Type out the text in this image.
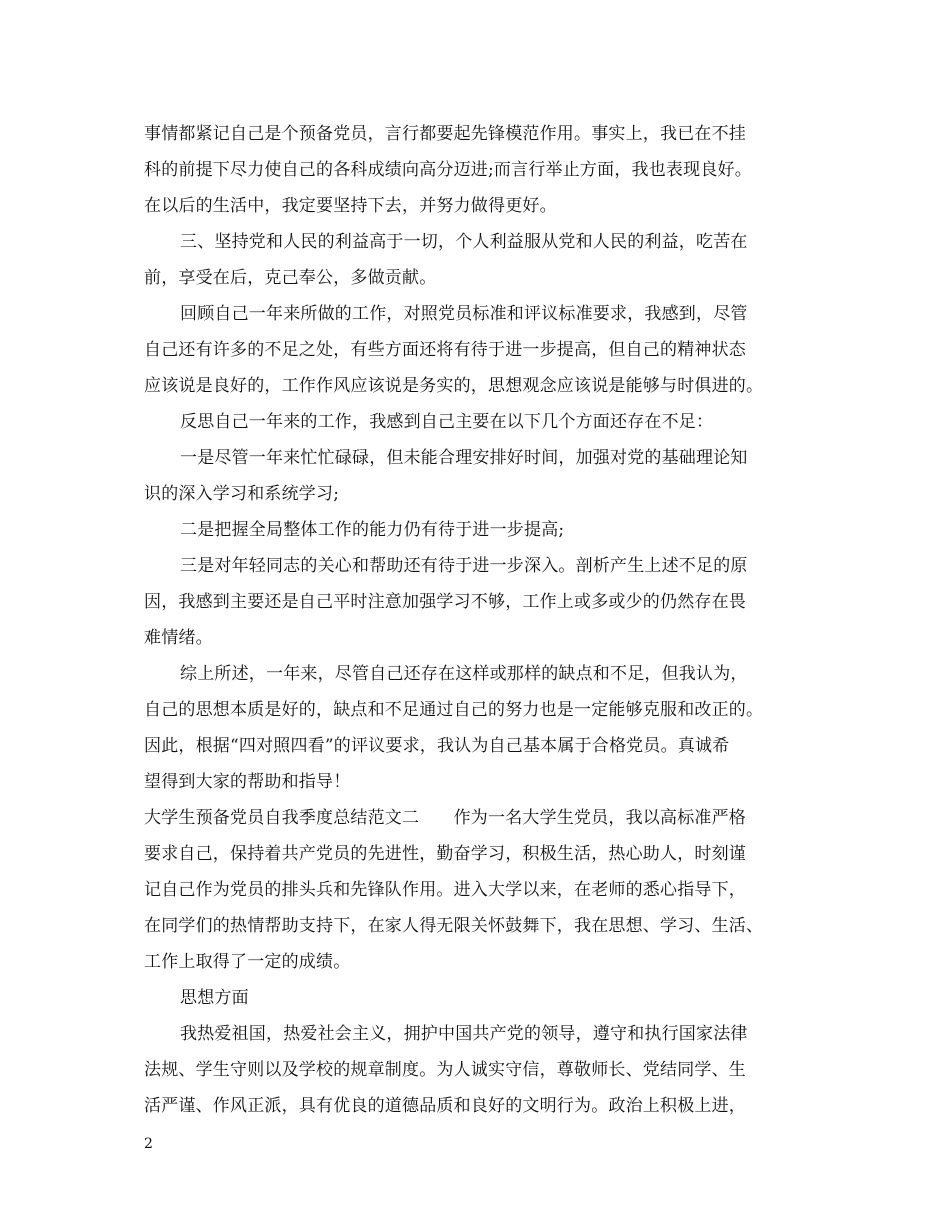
事情都紧记自己是个预备党员，言行都要起先锋模范作用。事实上，我已在不挂
科的前提下尽力使自己的各科成绩向高分迈进;而言行举止方面，我也表现良好。
在以后的生活中，我定要坚持下去，并努力做得更好。
三、坚持党和人民的利益高于一切，个人利益服从党和人民的利益，吃苦在
前，享受在后，克己奉公，多做贡献。
回顾自己一年来所做的工作，对照党员标准和评议标准要求，我感到，尽管
自己还有许多的不足之处，有些方面还将有待于进一步提高，但自己的精神状态
应该说是良好的，工作作风应该说是务实的，思想观念应该说是能够与时俱进的。
反思自己一年来的工作，我感到自己主要在以下几个方面还存在不足：
一是尽管一年来忙忙碌碌，但未能合理安排好时间，加强对党的基础理论知
识的深入学习和系统学习;
二是把握全局整体工作的能力仍有待于进一步提高;
三是对年轻同志的关心和帮助还有待于进一步深入。剖析产生上述不足的原
因，我感到主要还是自己平时注意加强学习不够，工作上或多或少的仍然存在畏
难情绪。
综上所述，一年来，尽管自己还存在这样或那样的缺点和不足，但我认为，
自己的思想本质是好的，缺点和不足通过自己的努力也是一定能够克服和改正的。
因此，根据“四对照四看”的评议要求，我认为自己基本属于合格党员。真诚希
望得到大家的帮助和指导！
大学生预备党员自我季度总结范文二　　作为一名大学生党员，我以高标准严格
要求自己，保持着共产党员的先进性，勤奋学习，积极生活，热心助人，时刻谨
记自己作为党员的排头兵和先锋队作用。进入大学以来，在老师的悉心指导下，
在同学们的热情帮助支持下，在家人得无限关怀鼓舞下，我在思想、学习、生活、
工作上取得了一定的成绩。
思想方面
我热爱祖国，热爱社会主义，拥护中国共产党的领导，遵守和执行国家法律
法规、学生守则以及学校的规章制度。为人诚实守信，尊敬师长、党结同学、生
活严谨、作风正派，具有优良的道德品质和良好的文明行为。政治上积极上进，
2
